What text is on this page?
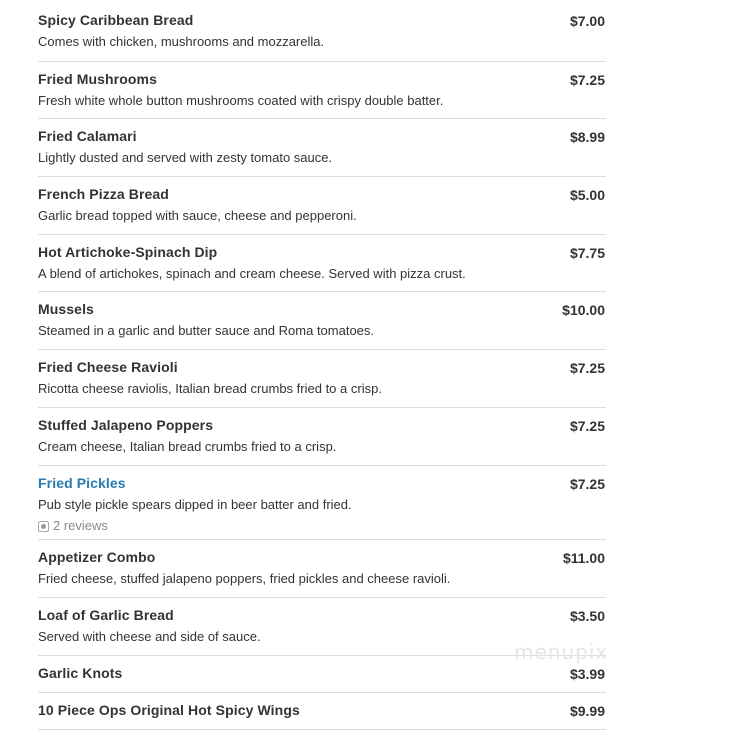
Spicy Caribbean Bread	$7.00
Comes with chicken, mushrooms and mozzarella.
Fried Mushrooms	$7.25
Fresh white whole button mushrooms coated with crispy double batter.
Fried Calamari	$8.99
Lightly dusted and served with zesty tomato sauce.
French Pizza Bread	$5.00
Garlic bread topped with sauce, cheese and pepperoni.
Hot Artichoke-Spinach Dip	$7.75
A blend of artichokes, spinach and cream cheese. Served with pizza crust.
Mussels	$10.00
Steamed in a garlic and butter sauce and Roma tomatoes.
Fried Cheese Ravioli	$7.25
Ricotta cheese raviolis, Italian bread crumbs fried to a crisp.
Stuffed Jalapeno Poppers	$7.25
Cream cheese, Italian bread crumbs fried to a crisp.
Fried Pickles	$7.25
Pub style pickle spears dipped in beer batter and fried.
2 reviews
Appetizer Combo	$11.00
Fried cheese, stuffed jalapeno poppers, fried pickles and cheese ravioli.
Loaf of Garlic Bread	$3.50
Served with cheese and side of sauce.
Garlic Knots	$3.99
10 Piece Ops Original Hot Spicy Wings	$9.99
menupix
